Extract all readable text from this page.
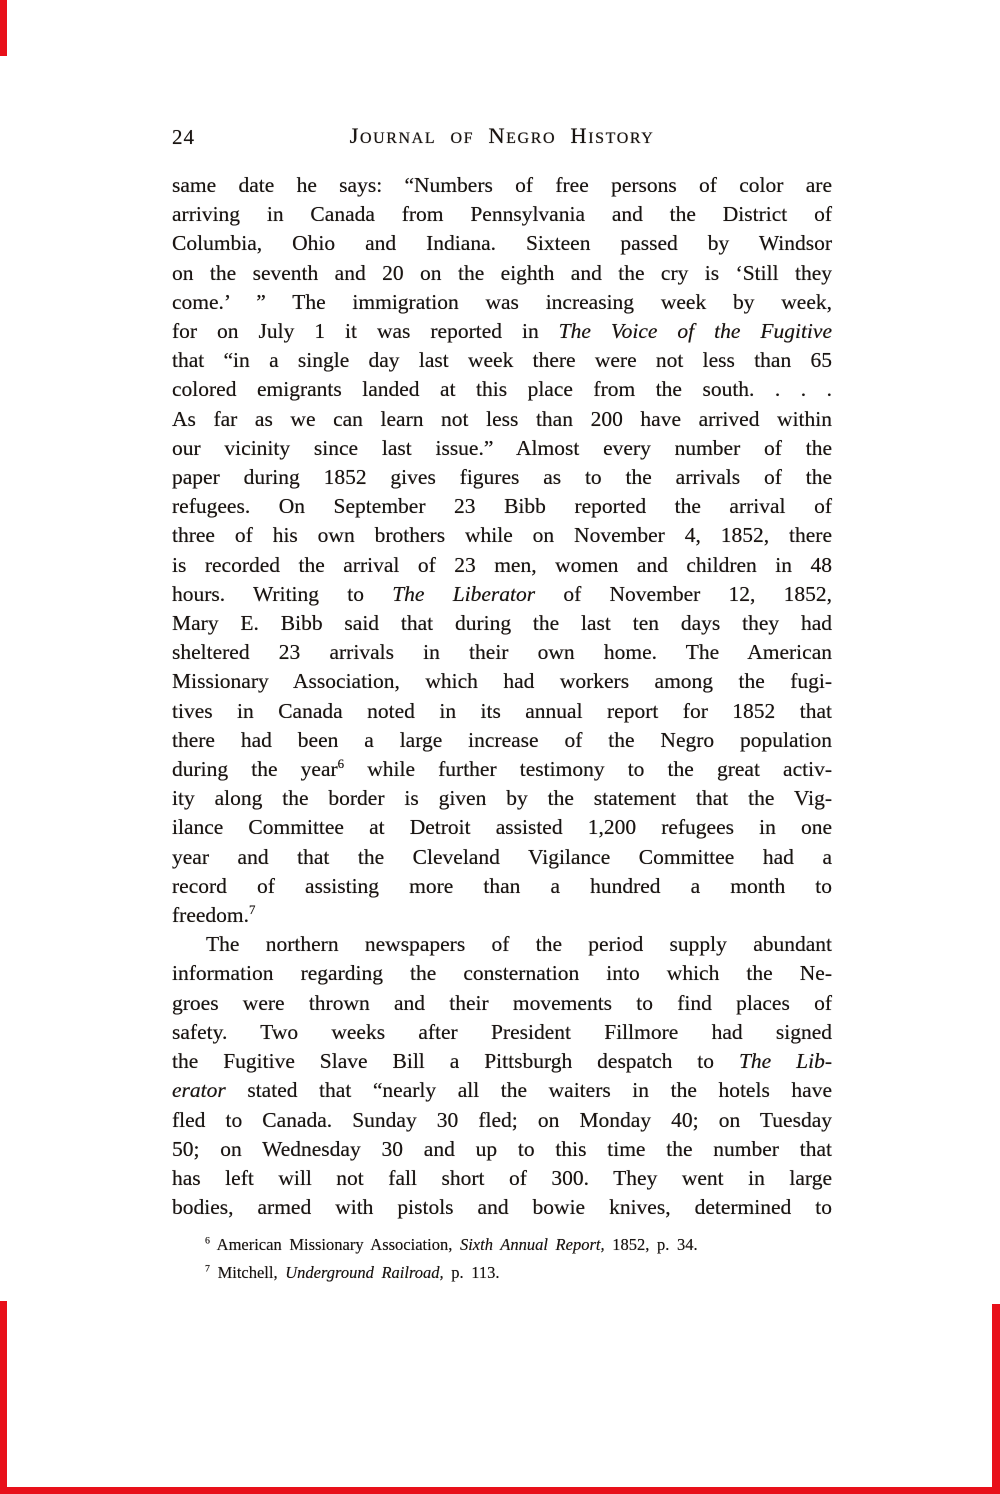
24	Journal of Negro History
same date he says: “Numbers of free persons of color are
arriving in Canada from Pennsylvania and the District of
Columbia, Ohio and Indiana. Sixteen passed by Windsor
on the seventh and 20 on the eighth and the cry is ‘Still they
come.’ ” The immigration was increasing week by week,
for on July 1 it was reported in The Voice of the Fugitive
that “in a single day last week there were not less than 65
colored emigrants landed at this place from the south. . . .
As far as we can learn not less than 200 have arrived within
our vicinity since last issue.” Almost every number of the
paper during 1852 gives figures as to the arrivals of the
refugees. On September 23 Bibb reported the arrival of
three of his own brothers while on November 4, 1852, there
is recorded the arrival of 23 men, women and children in 48
hours. Writing to The Liberator of November 12, 1852,
Mary E. Bibb said that during the last ten days they had
sheltered 23 arrivals in their own home. The American
Missionary Association, which had workers among the fugi-
tives in Canada noted in its annual report for 1852 that
there had been a large increase of the Negro population
during the year$^6$ while further testimony to the great activ-
ity along the border is given by the statement that the Vig-
ilance Committee at Detroit assisted 1,200 refugees in one
year and that the Cleveland Vigilance Committee had a
record of assisting more than a hundred a month to
freedom.$^7$
The northern newspapers of the period supply abundant
information regarding the consternation into which the Ne-
groes were thrown and their movements to find places of
safety. Two weeks after President Fillmore had signed
the Fugitive Slave Bill a Pittsburgh despatch to The Lib-
erator stated that “nearly all the waiters in the hotels have
fled to Canada. Sunday 30 fled; on Monday 40; on Tuesday
50; on Wednesday 30 and up to this time the number that
has left will not fall short of 300. They went in large
bodies, armed with pistols and bowie knives, determined to
$^6$ American Missionary Association, Sixth Annual Report, 1852, p. 34.
$^7$ Mitchell, Underground Railroad, p. 113.
